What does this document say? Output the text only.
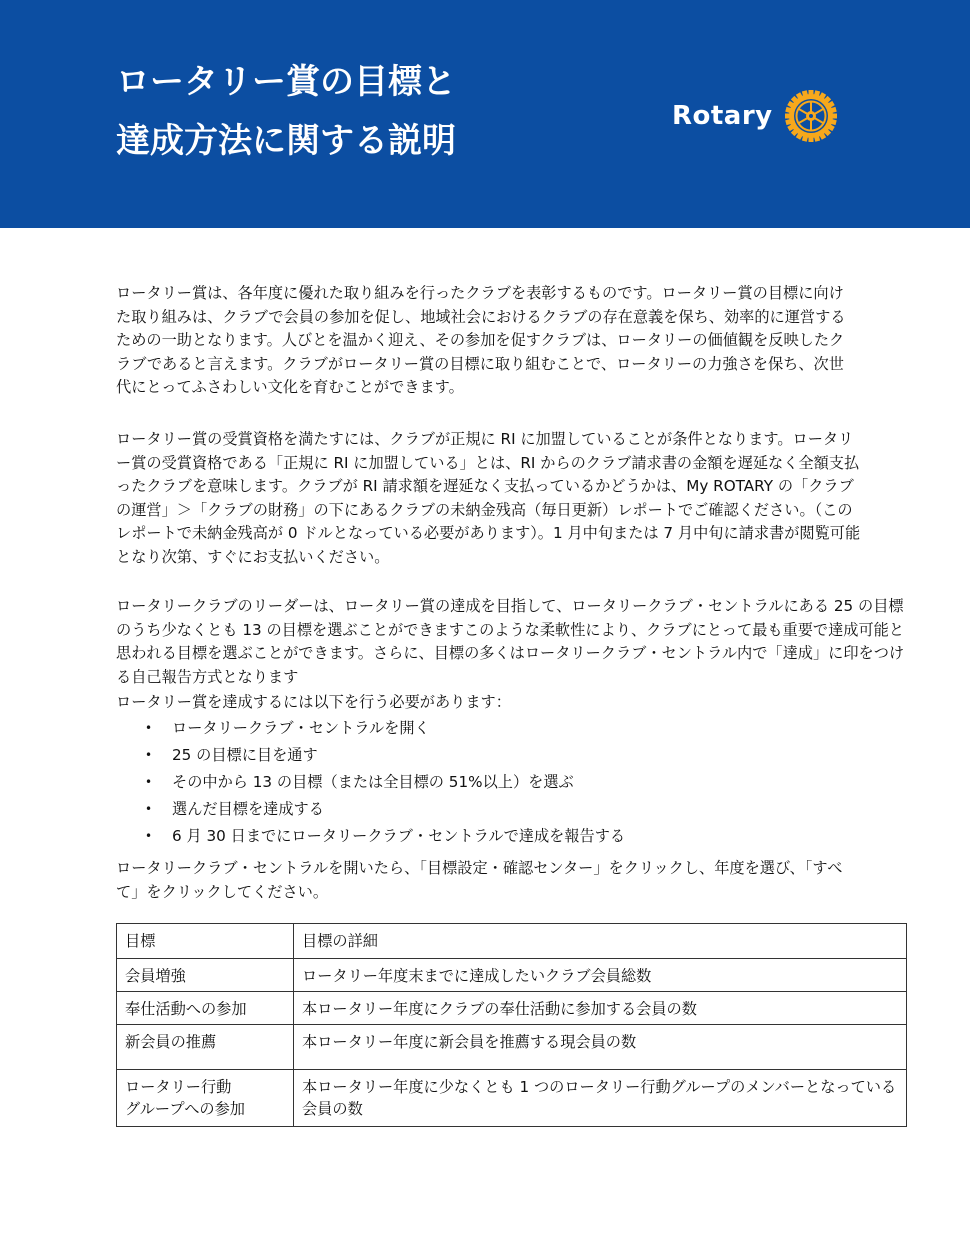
ロータリー賞の目標と
達成方法に関する説明
Rotary
ロータリー賞は、各年度に優れた取り組みを行ったクラブを表彰するものです。ロータリー賞の目標に向けた取り組みは、クラブで会員の参加を促し、地域社会におけるクラブの存在意義を保ち、効率的に運営するための一助となります。人びとを温かく迎え、その参加を促すクラブは、ロータリーの価値観を反映したクラブであると言えます。クラブがロータリー賞の目標に取り組むことで、ロータリーの力強さを保ち、次世代にとってふさわしい文化を育むことができます。
ロータリー賞の受賞資格を満たすには、クラブが正規に RI に加盟していることが条件となります。ロータリー賞の受賞資格である「正規に RI に加盟している」とは、RI からのクラブ請求書の金額を遅延なく全額支払ったクラブを意味します。クラブが RI 請求額を遅延なく支払っているかどうかは、My ROTARY の「クラブの運営」＞「クラブの財務」の下にあるクラブの未納金残高（毎日更新）レポートでご確認ください。（このレポートで未納金残高が 0 ドルとなっている必要があります）。1 月中旬または 7 月中旬に請求書が閲覧可能となり次第、すぐにお支払いください。
ロータリークラブのリーダーは、ロータリー賞の達成を目指して、ロータリークラブ・セントラルにある 25 の目標のうち少なくとも 13 の目標を選ぶことができますこのような柔軟性により、クラブにとって最も重要で達成可能と思われる目標を選ぶことができます。さらに、目標の多くはロータリークラブ・セントラル内で「達成」に印をつける自己報告方式となります
ロータリー賞を達成するには以下を行う必要があります：
• ロータリークラブ・セントラルを開く
• 25 の目標に目を通す
• その中から 13 の目標（または全目標の 51%以上）を選ぶ
• 選んだ目標を達成する
• 6 月 30 日までにロータリークラブ・セントラルで達成を報告する
ロータリークラブ・セントラルを開いたら、「目標設定・確認センター」をクリックし、年度を選び、「すべて」をクリックしてください。
目標	目標の詳細
会員増強	ロータリー年度末までに達成したいクラブ会員総数
奉仕活動への参加	本ロータリー年度にクラブの奉仕活動に参加する会員の数
新会員の推薦	本ロータリー年度に新会員を推薦する現会員の数

ロータリー行動
グループへの参加	本ロータリー年度に少なくとも 1 つのロータリー行動グループのメンバーとなっている会員の数
